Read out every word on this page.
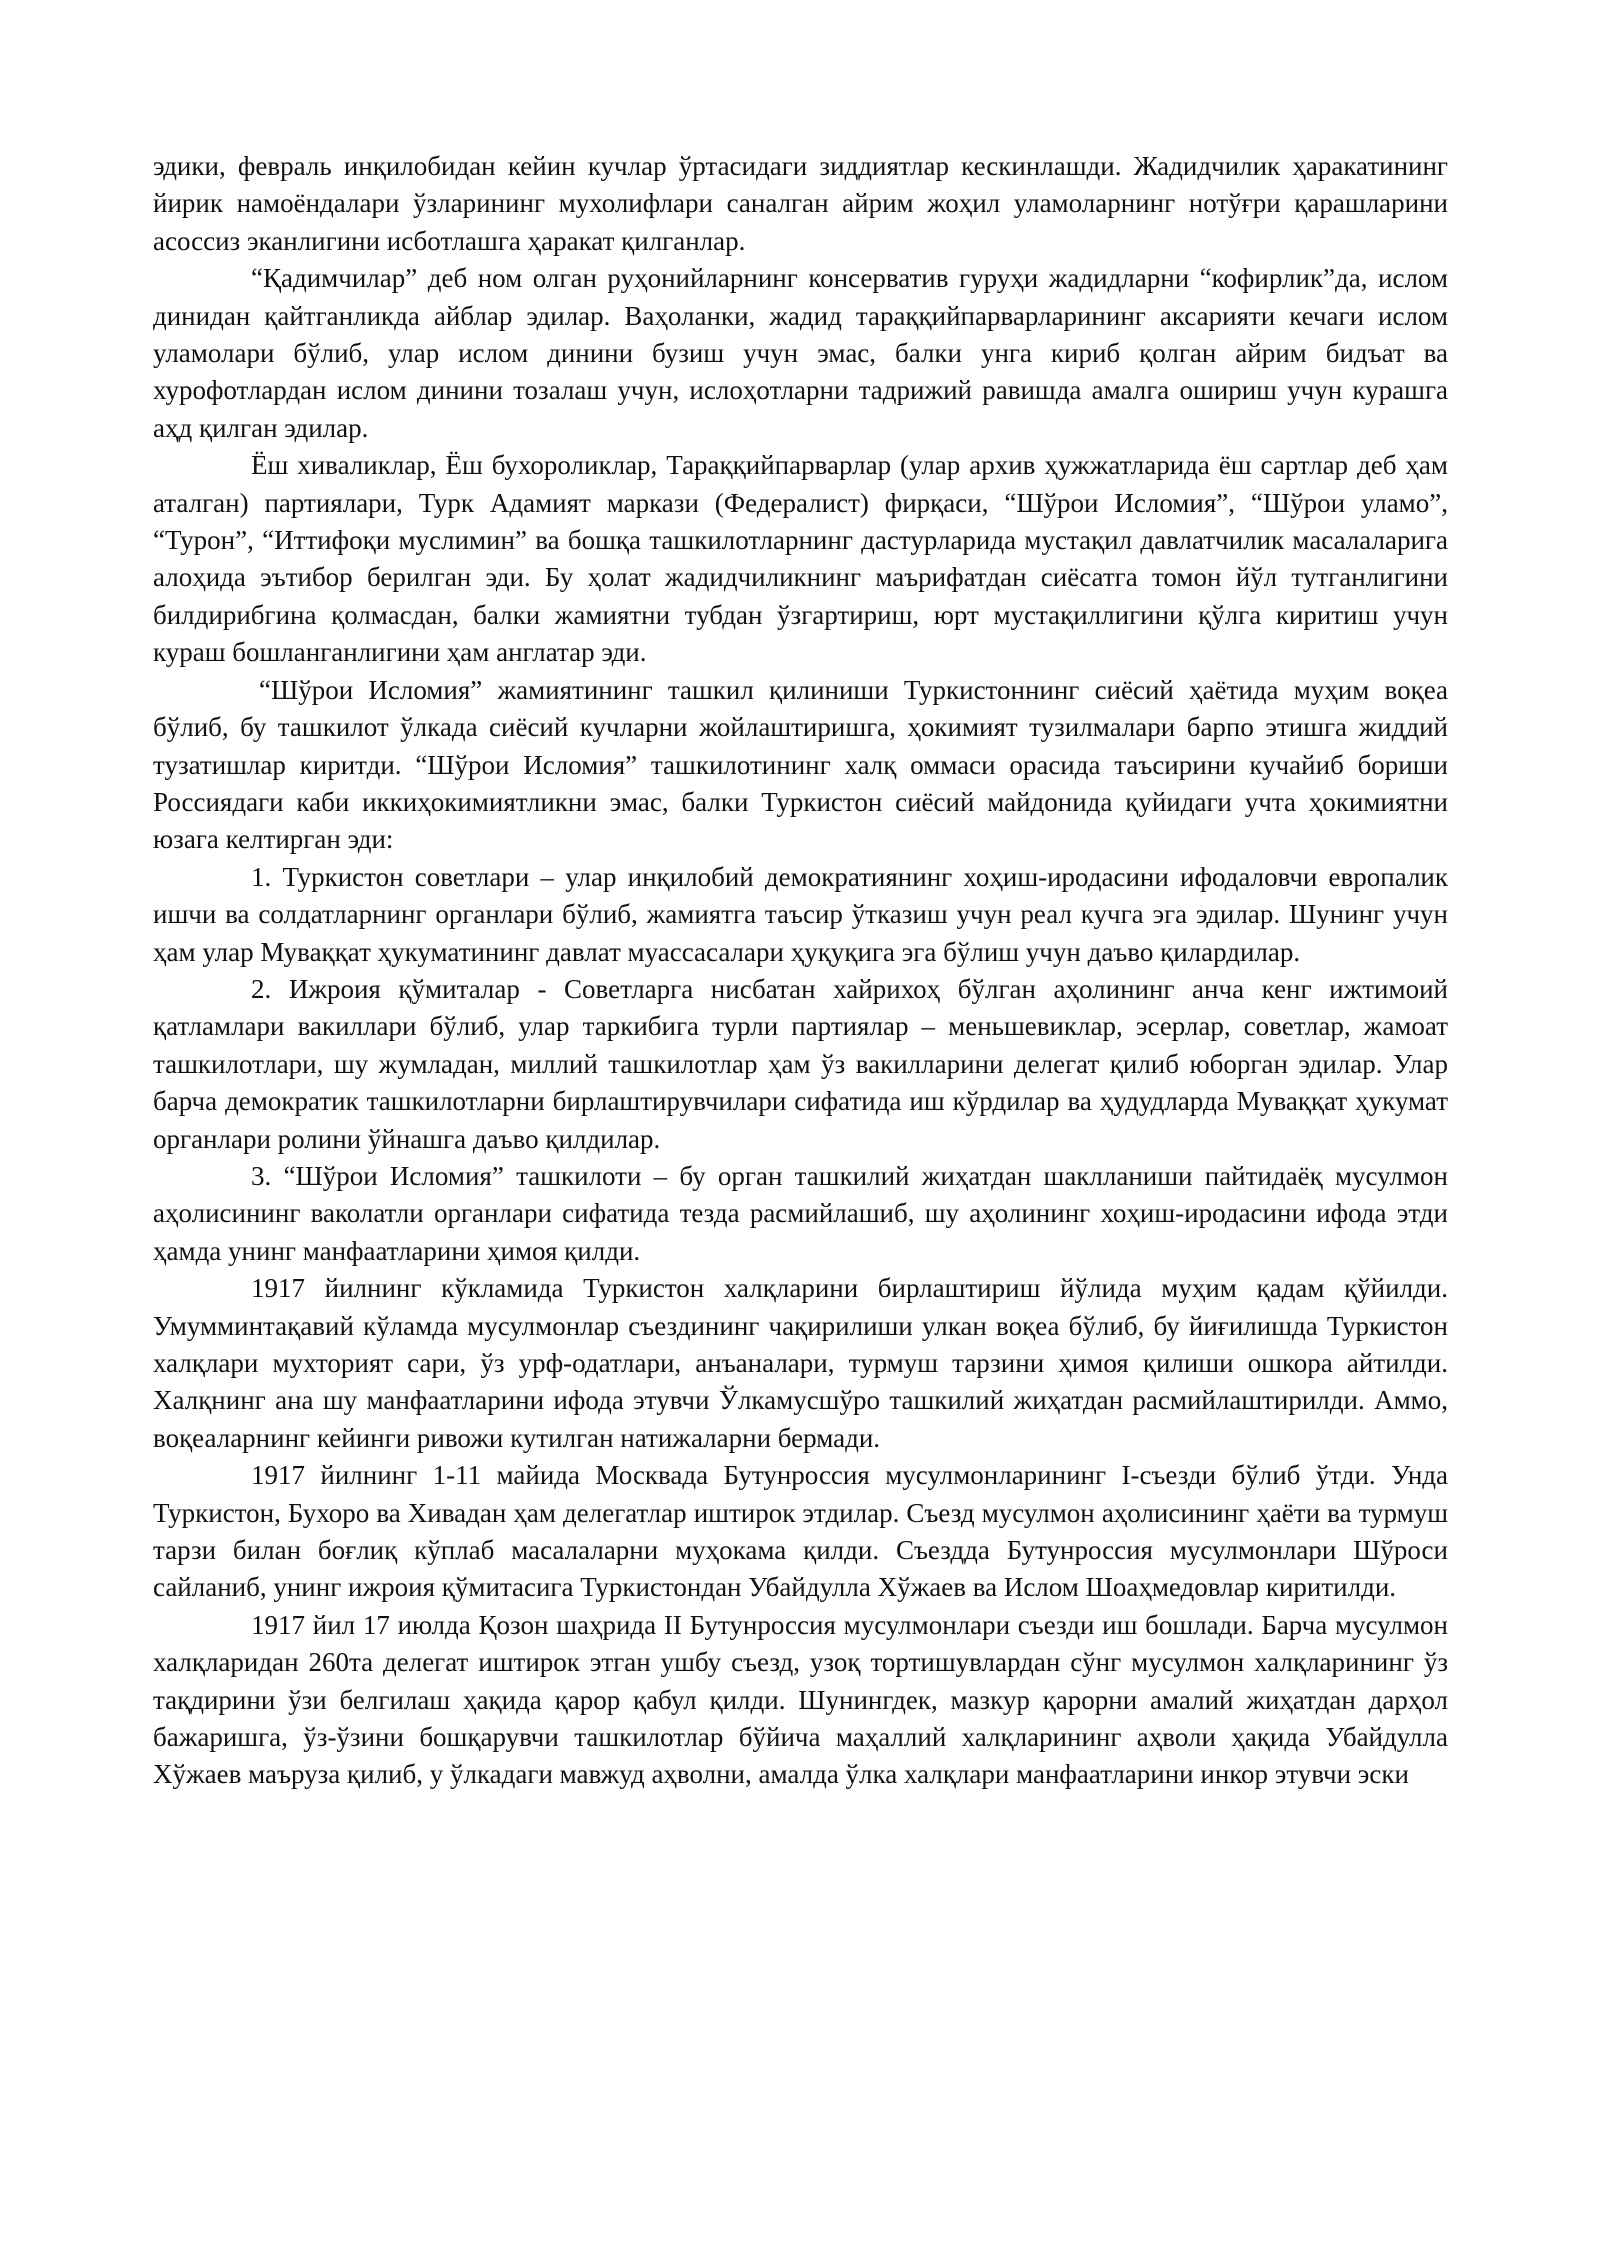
эдики, февраль инқилобидан кейин кучлар ўртасидаги зиддиятлар кескинлашди. Жадидчилик ҳаракатининг йирик намоёндалари ўзларининг мухолифлари саналган айрим жоҳил уламоларнинг нотўғри қарашларини асоссиз эканлигини исботлашга ҳаракат қилганлар.

“Қадимчилар” деб ном олган руҳонийларнинг консерватив гуруҳи жадидларни “кофирлик”да, ислом динидан қайтганликда айблар эдилар. Ваҳоланки, жадид тараққийпарварларининг аксарияти кечаги ислом уламолари бўлиб, улар ислом динини бузиш учун эмас, балки унга кириб қолган айрим бидъат ва хурофотлардан ислом динини тозалаш учун, ислоҳотларни тадрижий равишда амалга ошириш учун курашга аҳд қилган эдилар.

Ёш хиваликлар, Ёш бухороликлар, Тараққийпарварлар (улар архив ҳужжатларида ёш сартлар деб ҳам аталган) партиялари, Турк Адамият маркази (Федералист) фирқаси, “Шўрои Исломия”, “Шўрои уламо”, “Турон”, “Иттифоқи муслимин” ва бошқа ташкилотларнинг дастурларида мустақил давлатчилик масалаларига алоҳида эътибор берилган эди. Бу ҳолат жадидчиликнинг маърифатдан сиёсатга томон йўл тутганлигини билдирибгина қолмасдан, балки жамиятни тубдан ўзгартириш, юрт мустақиллигини қўлга киритиш учун кураш бошланганлигини ҳам англатар эди.

“Шўрои Исломия” жамиятининг ташкил қилиниши Туркистоннинг сиёсий ҳаётида муҳим воқеа бўлиб, бу ташкилот ўлкада сиёсий кучларни жойлаштиришга, ҳокимият тузилмалари барпо этишга жиддий тузатишлар киритди. “Шўрои Исломия” ташкилотининг халқ оммаси орасида таъсирини кучайиб бориши Россиядаги каби иккиҳокимиятликни эмас, балки Туркистон сиёсий майдонида қуйидаги учта ҳокимиятни юзага келтирган эди:

1. Туркистон советлари – улар инқилобий демократиянинг хоҳиш-иродасини ифодаловчи европалик ишчи ва солдатларнинг органлари бўлиб, жамиятга таъсир ўтказиш учун реал кучга эга эдилар. Шунинг учун ҳам улар Муваққат ҳукуматининг давлат муассасалари ҳуқуқига эга бўлиш учун даъво қилардилар.

2. Ижроия қўмиталар - Советларга нисбатан хайрихоҳ бўлган аҳолининг анча кенг ижтимоий қатламлари вакиллари бўлиб, улар таркибига турли партиялар – меньшевиклар, эсерлар, советлар, жамоат ташкилотлари, шу жумладан, миллий ташкилотлар ҳам ўз вакилларини делегат қилиб юборган эдилар. Улар барча демократик ташкилотларни бирлаштирувчилари сифатида иш кўрдилар ва ҳудудларда Муваққат ҳукумат органлари ролини ўйнашга даъво қилдилар.

3. “Шўрои Исломия” ташкилоти – бу орган ташкилий жиҳатдан шаклланиши пайтидаёқ мусулмон аҳолисининг ваколатли органлари сифатида тезда расмийлашиб, шу аҳолининг хоҳиш-иродасини ифода этди ҳамда унинг манфаатларини ҳимоя қилди.

1917 йилнинг кўкламида Туркистон халқларини бирлаштириш йўлида муҳим қадам қўйилди. Умумминтақавий кўламда мусулмонлар съездининг чақирилиши улкан воқеа бўлиб, бу йиғилишда Туркистон халқлари мухторият сари, ўз урф-одатлари, анъаналари, турмуш тарзини ҳимоя қилиши ошкора айтилди. Халқнинг ана шу манфаатларини ифода этувчи Ўлкамусшўро ташкилий жиҳатдан расмийлаштирилди. Аммо, воқеаларнинг кейинги ривожи кутилган натижаларни бермади.

1917 йилнинг 1-11 майида Москвада Бутунроссия мусулмонларининг I-съезди бўлиб ўтди. Унда Туркистон, Бухоро ва Хивадан ҳам делегатлар иштирок этдилар. Съезд мусулмон аҳолисининг ҳаёти ва турмуш тарзи билан боғлиқ кўплаб масалаларни муҳокама қилди. Съездда Бутунроссия мусулмонлари Шўроси сайланиб, унинг ижроия қўмитасига Туркистондан Убайдулла Хўжаев ва Ислом Шоаҳмедовлар киритилди.

1917 йил 17 июлда Қозон шаҳрида II Бутунроссия мусулмонлари съезди иш бошлади. Барча мусулмон халқларидан 260та делегат иштирок этган ушбу съезд, узоқ тортишувлардан сўнг мусулмон халқларининг ўз тақдирини ўзи белгилаш ҳақида қарор қабул қилди. Шунингдек, мазкур қарорни амалий жиҳатдан дарҳол бажаришга, ўз-ўзини бошқарувчи ташкилотлар бўйича маҳаллий халқларининг аҳволи ҳақида Убайдулла Хўжаев маъруза қилиб, у ўлкадаги мавжуд аҳволни, амалда ўлка халқлари манфаатларини инкор этувчи эски
